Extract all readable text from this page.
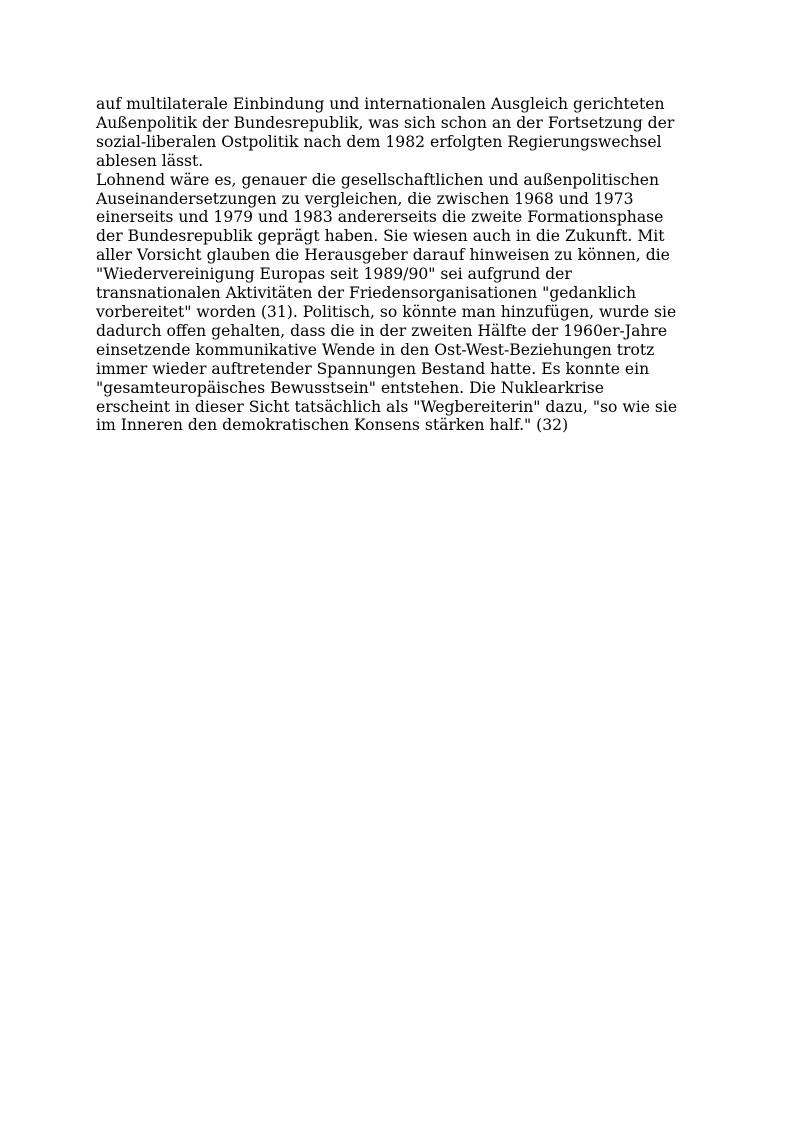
auf multilaterale Einbindung und internationalen Ausgleich gerichteten
Außenpolitik der Bundesrepublik, was sich schon an der Fortsetzung der
sozial-liberalen Ostpolitik nach dem 1982 erfolgten Regierungswechsel
ablesen lässt.
Lohnend wäre es, genauer die gesellschaftlichen und außenpolitischen
Auseinandersetzungen zu vergleichen, die zwischen 1968 und 1973
einerseits und 1979 und 1983 andererseits die zweite Formationsphase
der Bundesrepublik geprägt haben. Sie wiesen auch in die Zukunft. Mit
aller Vorsicht glauben die Herausgeber darauf hinweisen zu können, die
"Wiedervereinigung Europas seit 1989/90" sei aufgrund der
transnationalen Aktivitäten der Friedensorganisationen "gedanklich
vorbereitet" worden (31). Politisch, so könnte man hinzufügen, wurde sie
dadurch offen gehalten, dass die in der zweiten Hälfte der 1960er-Jahre
einsetzende kommunikative Wende in den Ost-West-Beziehungen trotz
immer wieder auftretender Spannungen Bestand hatte. Es konnte ein
"gesamteuropäisches Bewusstsein" entstehen. Die Nuklearkrise
erscheint in dieser Sicht tatsächlich als "Wegbereiterin" dazu, "so wie sie
im Inneren den demokratischen Konsens stärken half." (32)
